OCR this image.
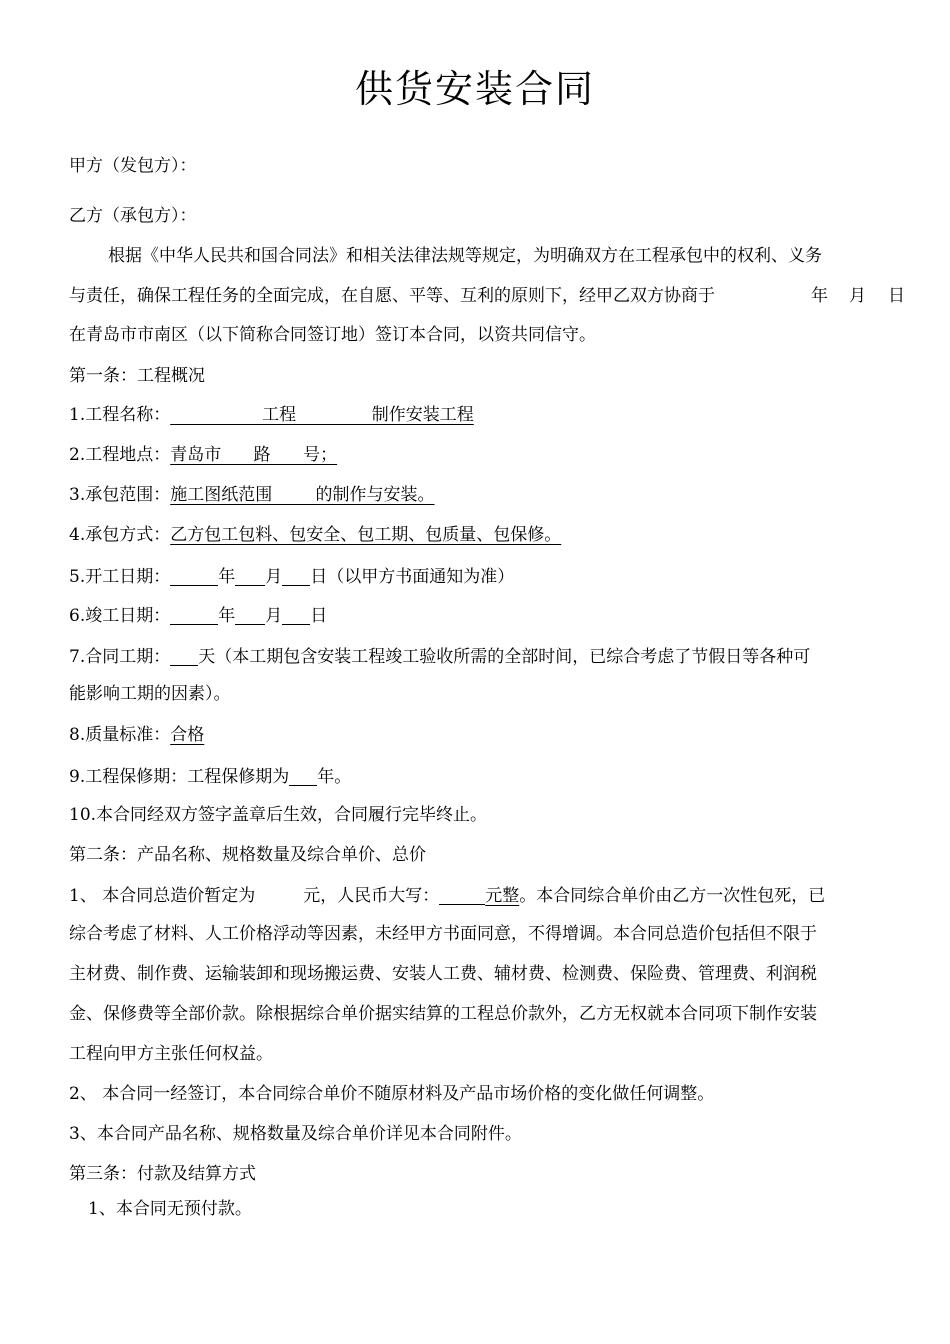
供货安装合同
甲方（发包方）：
乙方（承包方）：
根据《中华人民共和国合同法》和相关法律法规等规定，为明确双方在工程承包中的权利、义务
与责任，确保工程任务的全面完成，在自愿、平等、互利的原则下，经甲乙双方协商于	年 月 日
在青岛市市南区（以下简称合同签订地）签订本合同，以资共同信守。
第一条：工程概况
1.工程名称：                 工程              制作安装工程
2.工程地点：青岛市      路      号；
3.承包范围：施工图纸范围        的制作与安装。
4.承包方式：乙方包工包料、包安全、包工期、包质量、包保修。
5.开工日期：	年 月 日（以甲方书面通知为准）
6.竣工日期：	年 月 日
7.合同工期： 天（本工期包含安装工程竣工验收所需的全部时间，已综合考虑了节假日等各种可
能影响工期的因素）。
8.质量标准：合格
9.工程保修期：工程保修期为 年。
10.本合同经双方签字盖章后生效，合同履行完毕终止。
第二条：产品名称、规格数量及综合单价、总价
1、 本合同总造价暂定为	元，人民币大写：	元整。本合同综合单价由乙方一次性包死，已
综合考虑了材料、人工价格浮动等因素，未经甲方书面同意，不得增调。本合同总造价包括但不限于
主材费、制作费、运输装卸和现场搬运费、安装人工费、辅材费、检测费、保险费、管理费、利润税
金、保修费等全部价款。除根据综合单价据实结算的工程总价款外，乙方无权就本合同项下制作安装
工程向甲方主张任何权益。
2、 本合同一经签订，本合同综合单价不随原材料及产品市场价格的变化做任何调整。
3、本合同产品名称、规格数量及综合单价详见本合同附件。
第三条：付款及结算方式
1、本合同无预付款。
